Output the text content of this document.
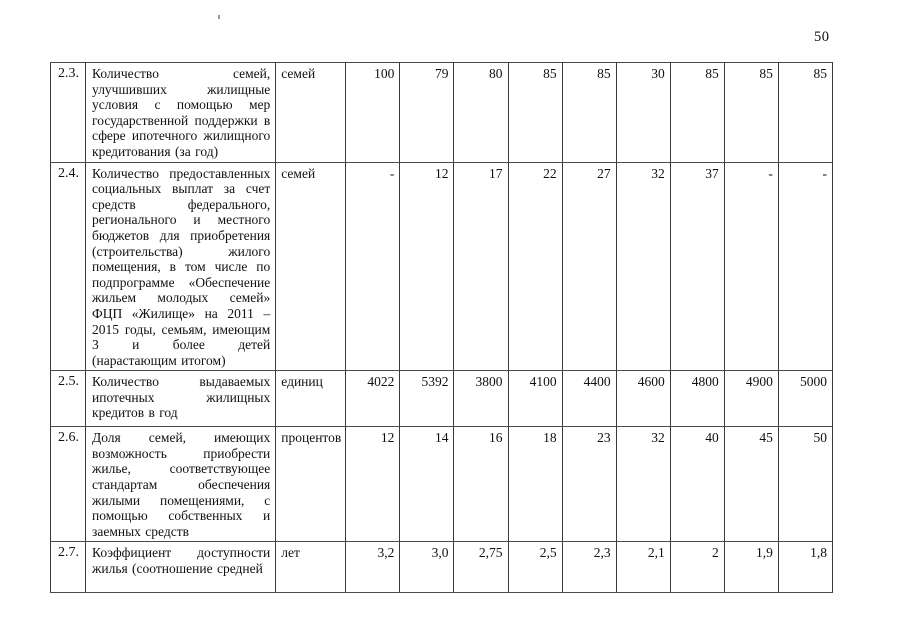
50
2.3.	Количество семей, улучшивших жилищные условия с помощью мер государственной поддержки в сфере ипотечного жилищного кредитования (за год)	семей	100	79	80	85	85	30	85	85	85
2.4.	Количество предоставленных социальных выплат за счет средств федерального, регионального и местного бюджетов для приобретения (строительства) жилого помещения, в том числе по подпрограмме «Обеспечение жильем молодых семей» ФЦП «Жилище» на 2011 – 2015 годы, семьям, имеющим 3 и более детей (нарастающим итогом)	семей	-	12	17	22	27	32	37	-	-
2.5.	Количество выдаваемых ипотечных жилищных кредитов в год	единиц	4022	5392	3800	4100	4400	4600	4800	4900	5000
2.6.	Доля семей, имеющих возможность приобрести жилье, соответствующее стандартам обеспечения жилыми помещениями, с помощью собственных и заемных средств	процентов	12	14	16	18	23	32	40	45	50
2.7.	Коэффициент доступности жилья (соотношение средней	лет	3,2	3,0	2,75	2,5	2,3	2,1	2	1,9	1,8
